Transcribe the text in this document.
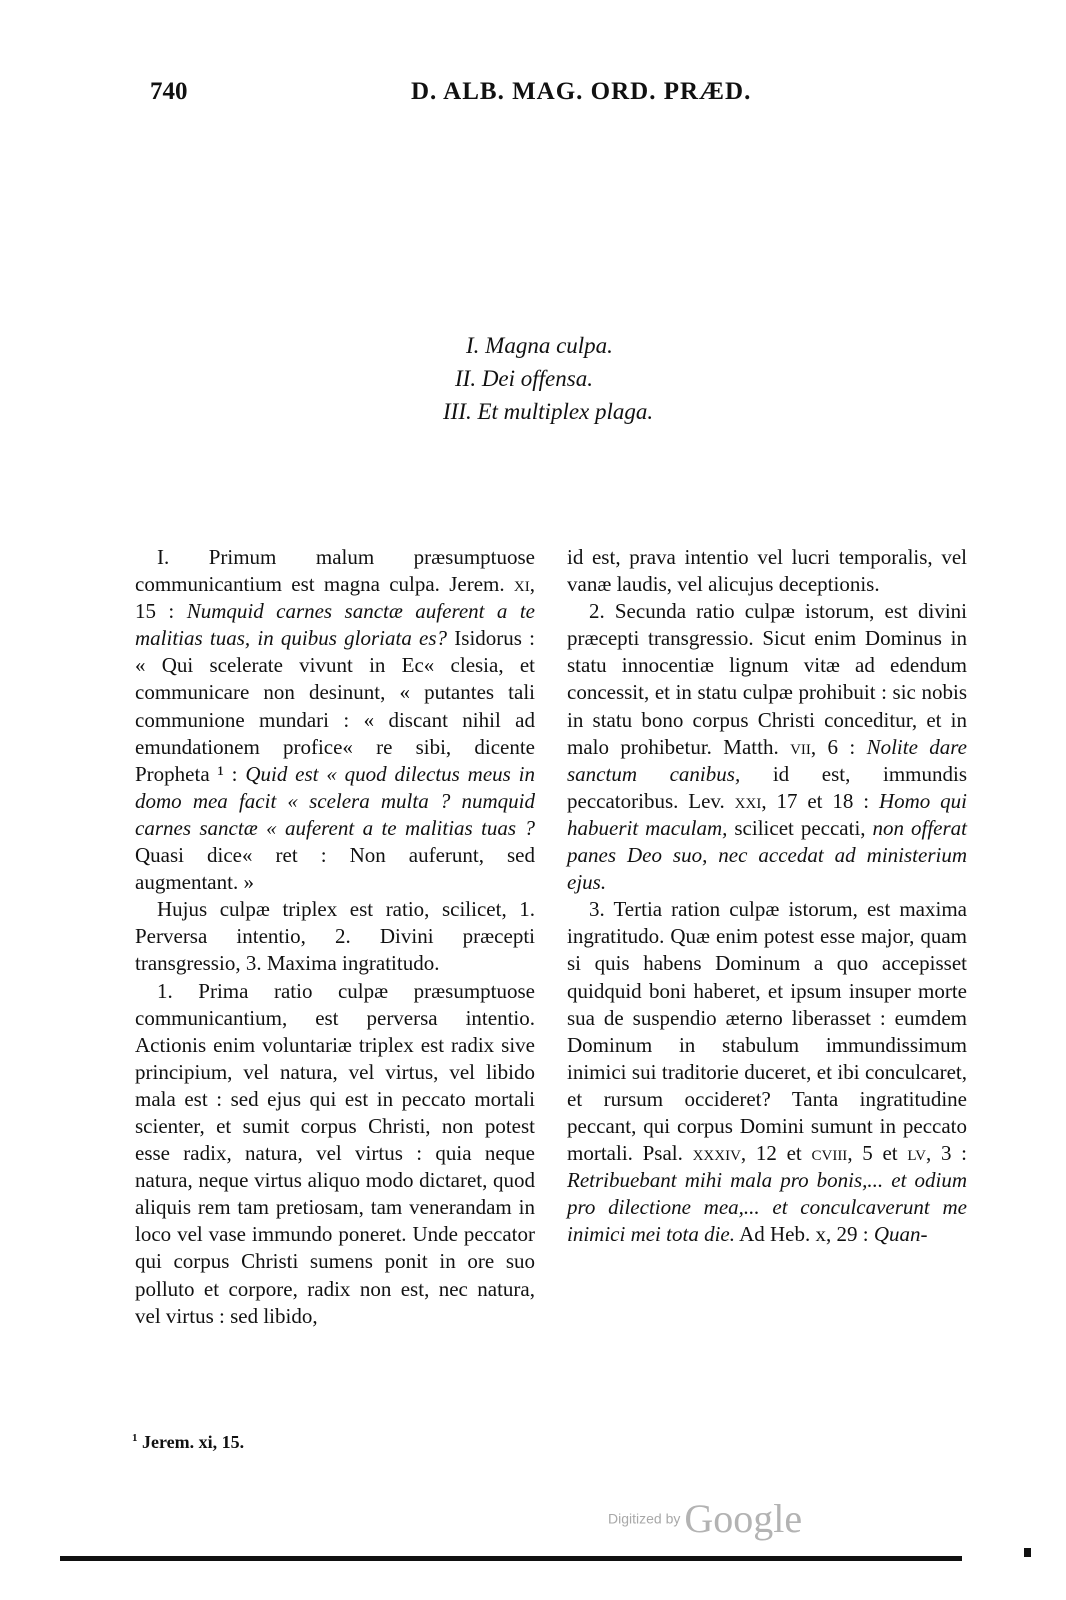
740	D. ALB. MAG. ORD. PRÆD.
I. Magna culpa.
II. Dei offensa.
III. Et multiplex plaga.

I. Primum malum præsumptuose communicantium est magna culpa. Jerem. xi, 15 : Numquid carnes sanctæ auferent a te malitias tuas, in quibus gloriata es? Isidorus : « Qui scelerate vivunt in Ec« clesia, et communicare non desinunt, « putantes tali communione mundari : « discant nihil ad emundationem profice« re sibi, dicente Propheta ¹ : Quid est « quod dilectus meus in domo mea facit « scelera multa ? numquid carnes sanctæ « auferent a te malitias tuas ? Quasi dice« ret : Non auferunt, sed augmentant. »

Hujus culpæ triplex est ratio, scilicet, 1. Perversa intentio, 2. Divini præcepti transgressio, 3. Maxima ingratitudo.

1. Prima ratio culpæ præsumptuose communicantium, est perversa intentio. Actionis enim voluntariæ triplex est radix sive principium, vel natura, vel virtus, vel libido mala est : sed ejus qui est in peccato mortali scienter, et sumit corpus Christi, non potest esse radix, natura, vel virtus : quia neque natura, neque virtus aliquo modo dictaret, quod aliquis rem tam pretiosam, tam venerandam in loco vel vase immundo poneret. Unde peccator qui corpus Christi sumens ponit in ore suo polluto et corpore, radix non est, nec natura, vel virtus : sed libido,

id est, prava intentio vel lucri temporalis, vel vanæ laudis, vel alicujus deceptionis.

2. Secunda ratio culpæ istorum, est divini præcepti transgressio. Sicut enim Dominus in statu innocentiæ lignum vitæ ad edendum concessit, et in statu culpæ prohibuit : sic nobis in statu bono corpus Christi conceditur, et in malo prohibetur. Matth. vii, 6 : Nolite dare sanctum canibus, id est, immundis peccatoribus. Lev. xxi, 17 et 18 : Homo qui habuerit maculam, scilicet peccati, non offerat panes Deo suo, nec accedat ad ministerium ejus.

3. Tertia ration culpæ istorum, est maxima ingratitudo. Quæ enim potest esse major, quam si quis habens Dominum a quo accepisset quidquid boni haberet, et ipsum insuper morte sua de suspendio æterno liberasset : eumdem Dominum in stabulum immundissimum inimici sui traditorie duceret, et ibi conculcaret, et rursum occideret? Tanta ingratitudine peccant, qui corpus Domini sumunt in peccato mortali. Psal. xxxiv, 12 et cviii, 5 et lv, 3 : Retribuebant mihi mala pro bonis,... et odium pro dilectione mea,... et conculcaverunt me inimici mei tota die. Ad Heb. x, 29 : Quan-

$^1$ Jerem. xi, 15.
Digitized by Google
